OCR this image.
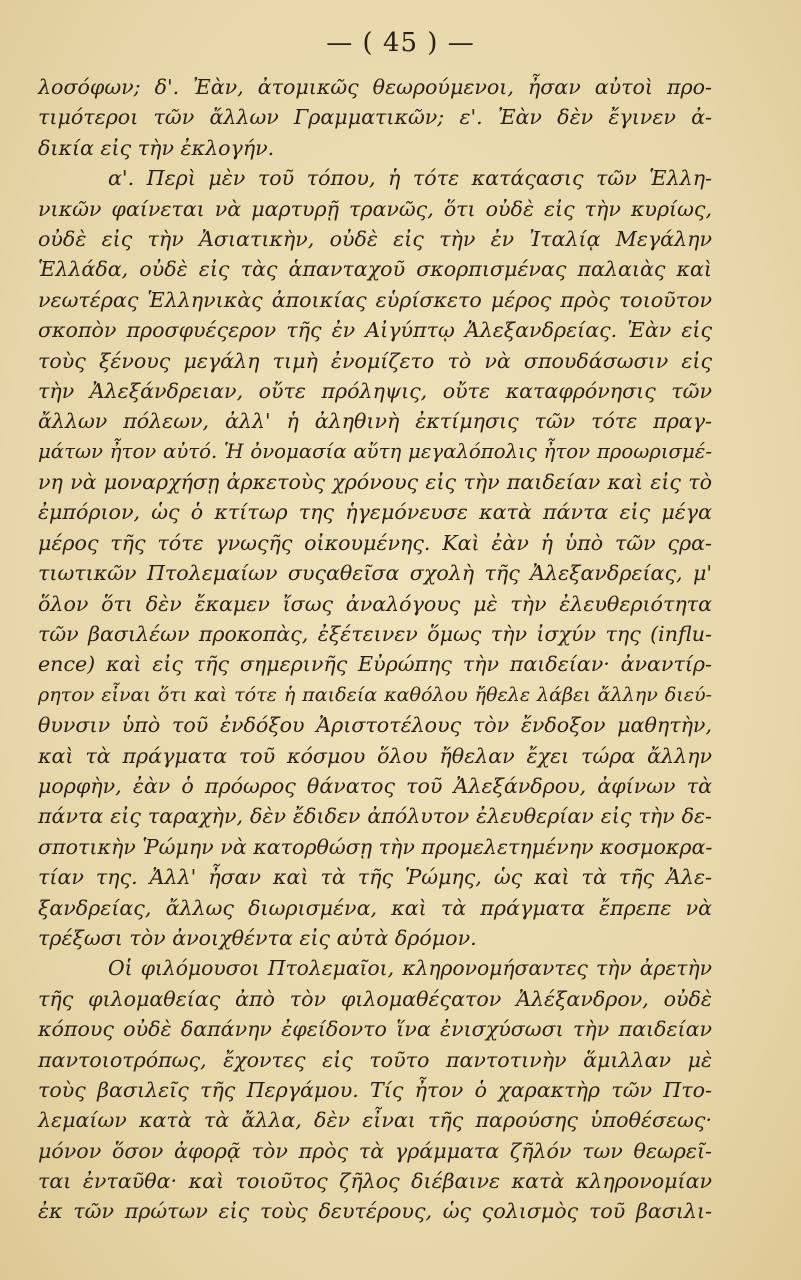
— ( 45 ) —
λοσόφων; δ'. Ἐὰν, ἀτομικῶς θεωρούμενοι, ἦσαν αὐτοὶ προ-
τιμότεροι τῶν ἄλλων Γραμματικῶν; ε'. Ἐὰν δὲν ἔγινεν ἀ-
δικία εἰς τὴν ἐκλογήν.
α'. Περὶ μὲν τοῦ τόπου, ἡ τότε κατάςασις τῶν Ἑλλη-
νικῶν φαίνεται νὰ μαρτυρῇ τρανῶς, ὅτι οὐδὲ εἰς τὴν κυρίως,
οὐδὲ εἰς τὴν Ἀσιατικὴν, οὐδὲ εἰς τὴν ἐν Ἰταλίᾳ Μεγάλην
Ἑλλάδα, οὐδὲ εἰς τὰς ἁπανταχοῦ σκορπισμένας παλαιὰς καὶ
νεωτέρας Ἑλληνικὰς ἀποικίας εὑρίσκετο μέρος πρὸς τοιοῦτον
σκοπὸν προσφυέςερον τῆς ἐν Αἰγύπτῳ Ἀλεξανδρείας. Ἐὰν εἰς
τοὺς ξένους μεγάλη τιμὴ ἐνομίζετο τὸ νὰ σπουδάσωσιν εἰς
τὴν Ἀλεξάνδρειαν, οὔτε πρόληψις, οὔτε καταφρόνησις τῶν
ἄλλων πόλεων, ἀλλ' ἡ ἀληθινὴ ἐκτίμησις τῶν τότε πραγ-
μάτων ἦτον αὐτό. Ἡ ὀνομασία αὕτη μεγαλόπολις ἦτον προωρισμέ-
νη νὰ μοναρχήσῃ ἀρκετοὺς χρόνους εἰς τὴν παιδείαν καὶ εἰς τὸ
ἐμπόριον, ὡς ὁ κτίτωρ της ἡγεμόνευσε κατὰ πάντα εἰς μέγα
μέρος τῆς τότε γνωςῆς οἰκουμένης. Καὶ ἐὰν ἡ ὑπὸ τῶν ςρα-
τιωτικῶν Πτολεμαίων συςαθεῖσα σχολὴ τῆς Ἀλεξανδρείας, μ'
ὅλον ὅτι δὲν ἔκαμεν ἴσως ἀναλόγους μὲ τὴν ἐλευθεριότητα
τῶν βασιλέων προκοπὰς, ἐξέτεινεν ὅμως τὴν ἰσχύν της (influ-
ence) καὶ εἰς τῆς σημερινῆς Εὐρώπης τὴν παιδείαν· ἀναντίρ-
ρητον εἶναι ὅτι καὶ τότε ἡ παιδεία καθόλου ἤθελε λάβει ἄλλην διεύ-
θυνσιν ὑπὸ τοῦ ἐνδόξου Ἀριστοτέλους τὸν ἔνδοξον μαθητὴν,
καὶ τὰ πράγματα τοῦ κόσμου ὅλου ἤθελαν ἔχει τώρα ἄλλην
μορφὴν, ἐὰν ὁ πρόωρος θάνατος τοῦ Ἀλεξάνδρου, ἀφίνων τὰ
πάντα εἰς ταραχὴν, δὲν ἔδιδεν ἀπόλυτον ἐλευθερίαν εἰς τὴν δε-
σποτικὴν Ῥώμην νὰ κατορθώσῃ τὴν προμελετημένην κοσμοκρα-
τίαν της. Ἀλλ' ἦσαν καὶ τὰ τῆς Ῥώμης, ὡς καὶ τὰ τῆς Ἀλε-
ξανδρείας, ἄλλως διωρισμένα, καὶ τὰ πράγματα ἔπρεπε νὰ
τρέξωσι τὸν ἀνοιχθέντα εἰς αὐτὰ δρόμον.
Οἱ φιλόμουσοι Πτολεμαῖοι, κληρονομήσαντες τὴν ἀρετὴν
τῆς φιλομαθείας ἀπὸ τὸν φιλομαθέςατον Ἀλέξανδρον, οὐδὲ
κόπους οὐδὲ δαπάνην ἐφείδοντο ἵνα ἐνισχύσωσι τὴν παιδείαν
παντοιοτρόπως, ἔχοντες εἰς τοῦτο παντοτινὴν ἅμιλλαν μὲ
τοὺς βασιλεῖς τῆς Περγάμου. Τίς ἦτον ὁ χαρακτὴρ τῶν Πτο-
λεμαίων κατὰ τὰ ἄλλα, δὲν εἶναι τῆς παρούσης ὑποθέσεως·
μόνον ὅσον ἀφορᾷ τὸν πρὸς τὰ γράμματα ζῆλόν των θεωρεῖ-
ται ἐνταῦθα· καὶ τοιοῦτος ζῆλος διέβαινε κατὰ κληρονομίαν
ἐκ τῶν πρώτων εἰς τοὺς δευτέρους, ὡς ςολισμὸς τοῦ βασιλι-
